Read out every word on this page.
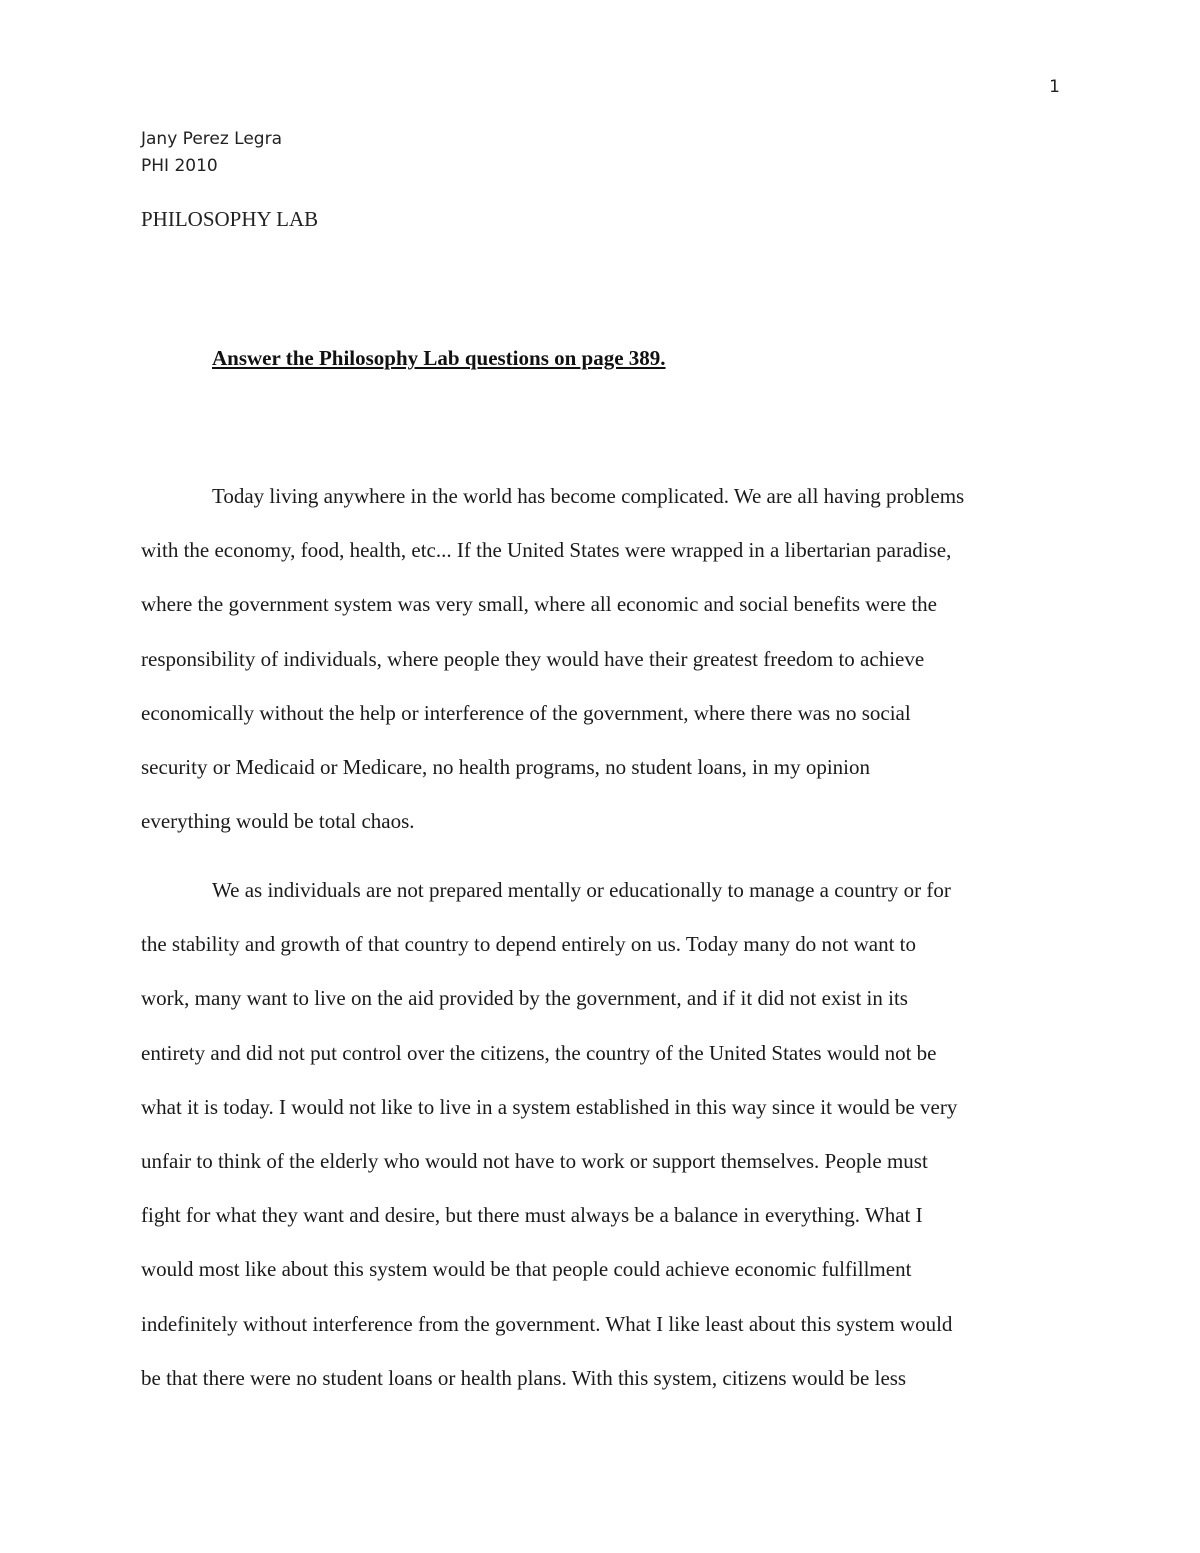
1
Jany Perez Legra
PHI 2010
PHILOSOPHY LAB
Answer the Philosophy Lab questions on page 389.
Today living anywhere in the world has become complicated. We are all having problems
with the economy, food, health, etc... If the United States were wrapped in a libertarian paradise,
where the government system was very small, where all economic and social benefits were the
responsibility of individuals, where people they would have their greatest freedom to achieve
economically without the help or interference of the government, where there was no social
security or Medicaid or Medicare, no health programs, no student loans, in my opinion
everything would be total chaos.
We as individuals are not prepared mentally or educationally to manage a country or for
the stability and growth of that country to depend entirely on us. Today many do not want to
work, many want to live on the aid provided by the government, and if it did not exist in its
entirety and did not put control over the citizens, the country of the United States would not be
what it is today. I would not like to live in a system established in this way since it would be very
unfair to think of the elderly who would not have to work or support themselves. People must
fight for what they want and desire, but there must always be a balance in everything. What I
would most like about this system would be that people could achieve economic fulfillment
indefinitely without interference from the government. What I like least about this system would
be that there were no student loans or health plans. With this system, citizens would be less
